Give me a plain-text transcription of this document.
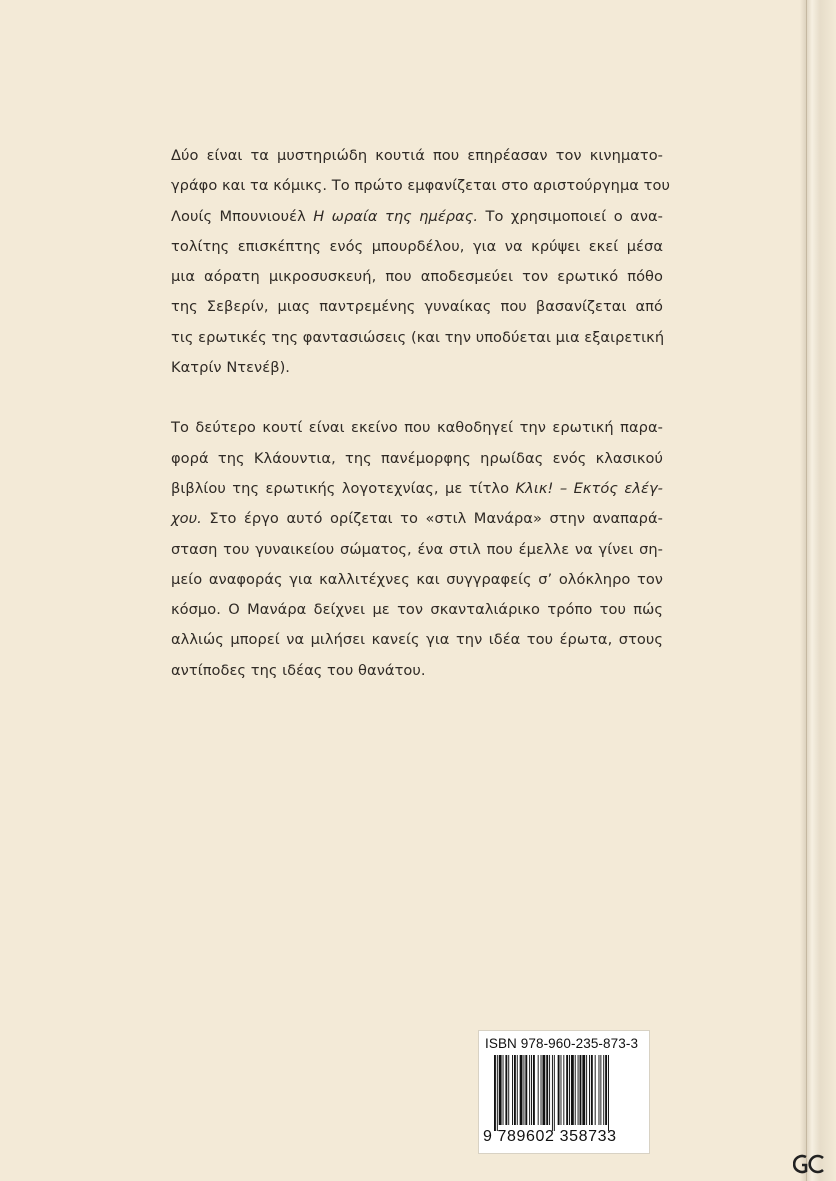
Δύο είναι τα μυστηριώδη κουτιά που επηρέασαν τον κινηματο-
γράφο και τα κόμικς. Το πρώτο εμφανίζεται στο αριστούργημα του
Λουίς Μπουνιουέλ Η ωραία της ημέρας. Το χρησιμοποιεί ο ανα-
τολίτης επισκέπτης ενός μπουρδέλου, για να κρύψει εκεί μέσα
μια αόρατη μικροσυσκευή, που αποδεσμεύει τον ερωτικό πόθο
της Σεβερίν, μιας παντρεμένης γυναίκας που βασανίζεται από
τις ερωτικές της φαντασιώσεις (και την υποδύεται μια εξαιρετική
Κατρίν Ντενέβ).

Το δεύτερο κουτί είναι εκείνο που καθοδηγεί την ερωτική παρα-
φορά της Κλάουντια, της πανέμορφης ηρωίδας ενός κλασικού
βιβλίου της ερωτικής λογοτεχνίας, με τίτλο Κλικ! – Εκτός ελέγ-
χου. Στο έργο αυτό ορίζεται το «στιλ Μανάρα» στην αναπαρά-
σταση του γυναικείου σώματος, ένα στιλ που έμελλε να γίνει ση-
μείο αναφοράς για καλλιτέχνες και συγγραφείς σ’ ολόκληρο τον
κόσμο. Ο Μανάρα δείχνει με τον σκανταλιάρικο τρόπο του πώς
αλλιώς μπορεί να μιλήσει κανείς για την ιδέα του έρωτα, στους
αντίποδες της ιδέας του θανάτου.

ISBN 978-960-235-873-3
9 789602 358733
